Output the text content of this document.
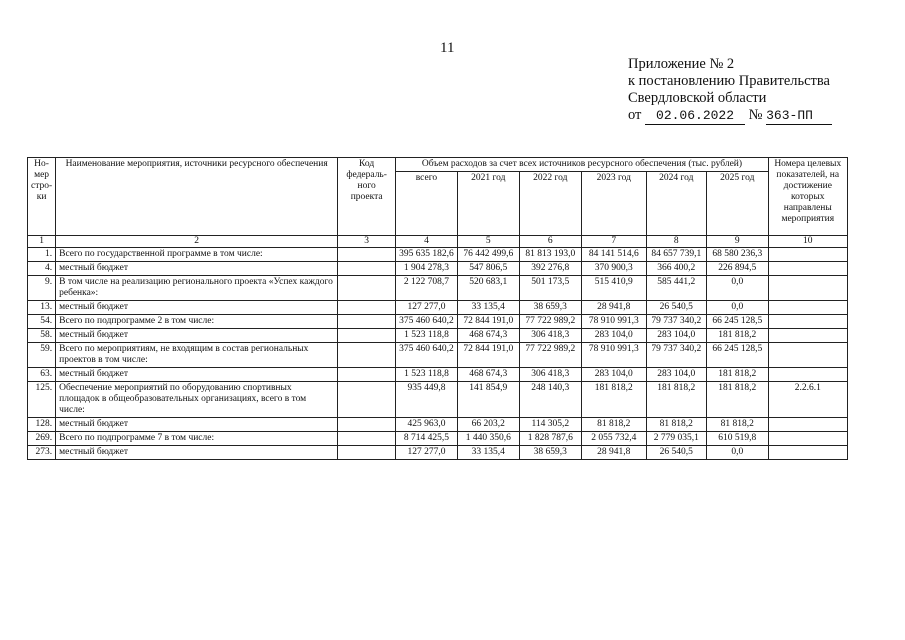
11
Приложение № 2
к постановлению Правительства
Свердловской области
от 02.06.2022 № 363-ПП
Но-мер стро-ки	Наименование мероприятия, источники ресурсного обеспечения	Код федераль-ного проекта	Объем расходов за счет всех источников ресурсного обеспечения (тыс. рублей)						Номера целевых показателей, на достижение которых направлены мероприятия
			всего	2021 год	2022 год	2023 год	2024 год	2025 год	
1	2	3	4	5	6	7	8	9	10
1.	Всего по государственной программе в том числе:		395 635 182,6	76 442 499,6	81 813 193,0	84 141 514,6	84 657 739,1	68 580 236,3	
4.	местный бюджет		1 904 278,3	547 806,5	392 276,8	370 900,3	366 400,2	226 894,5	
9.	В том числе на реализацию регионального проекта «Успех каждого ребенка»:		2 122 708,7	520 683,1	501 173,5	515 410,9	585 441,2	0,0	
13.	местный бюджет		127 277,0	33 135,4	38 659,3	28 941,8	26 540,5	0,0	
54.	Всего по подпрограмме 2 в том числе:		375 460 640,2	72 844 191,0	77 722 989,2	78 910 991,3	79 737 340,2	66 245 128,5	
58.	местный бюджет		1 523 118,8	468 674,3	306 418,3	283 104,0	283 104,0	181 818,2	
59.	Всего по мероприятиям, не входящим в состав региональных проектов в том числе:		375 460 640,2	72 844 191,0	77 722 989,2	78 910 991,3	79 737 340,2	66 245 128,5	
63.	местный бюджет		1 523 118,8	468 674,3	306 418,3	283 104,0	283 104,0	181 818,2	
125.	Обеспечение мероприятий по оборудованию спортивных площадок в общеобразовательных организациях, всего в том числе:		935 449,8	141 854,9	248 140,3	181 818,2	181 818,2	181 818,2	2.2.6.1
128.	местный бюджет		425 963,0	66 203,2	114 305,2	81 818,2	81 818,2	81 818,2	
269.	Всего по подпрограмме 7 в том числе:		8 714 425,5	1 440 350,6	1 828 787,6	2 055 732,4	2 779 035,1	610 519,8	
273.	местный бюджет		127 277,0	33 135,4	38 659,3	28 941,8	26 540,5	0,0	
